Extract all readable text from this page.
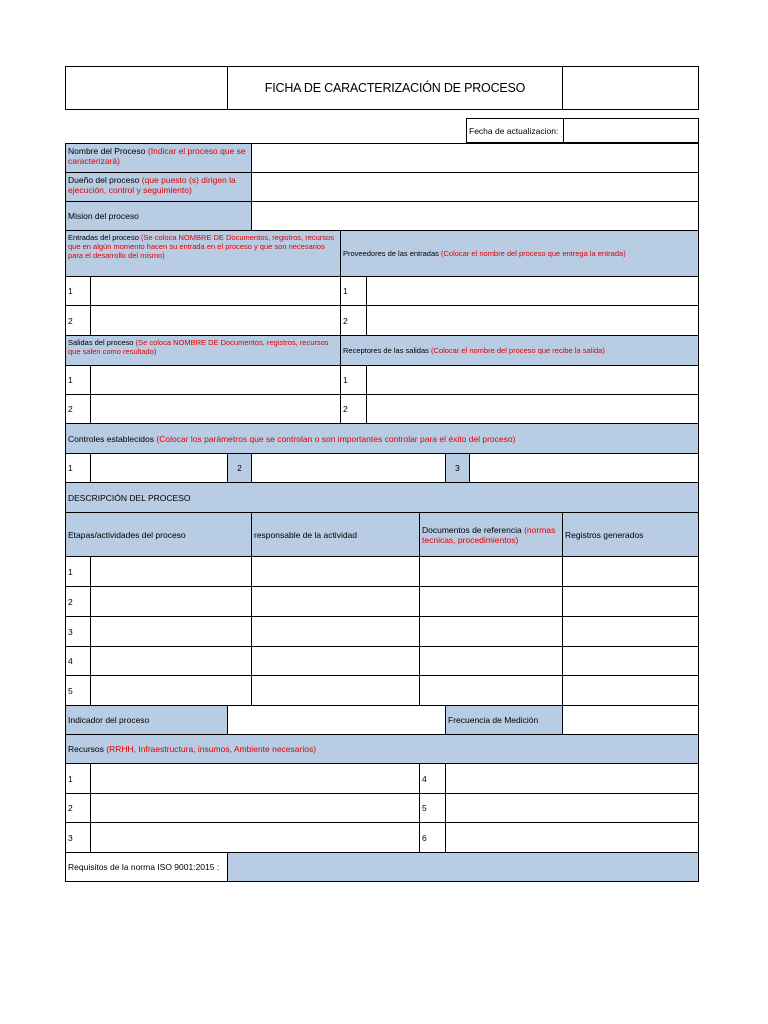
FICHA DE CARACTERIZACIÓN DE PROCESO
Fecha de actualizacion:
Nombre del Proceso (Indicar el proceso que se caracterizará)
Dueño del proceso (que puesto (s) dirigen la ejecución, control y seguimiento)
Mision del proceso
Entradas del proceso (Se coloca NOMBRE DE Documentos, registros, recursos que en algún momento hacen su entrada en el proceso y que son necesarios para el desarrollo del mismo)	Proveedores de las entradas (Colocar el nombre del proceso que entrega la entrada)
1	1
2	2
Salidas del proceso (Se coloca NOMBRE DE Documentos, registros, recursos que salen como resultado)	Receptores de las salidas (Colocar el nombre del proceso que recibe la salida)
1	1
2	2
Controles establecidos (Colocar los parámetros que se controlan o son importantes controlar para el éxito del proceso)
1	2	3
DESCRIPCIÓN DEL PROCESO
Etapas/actividades del proceso	responsable de la actividad	Documentos de referencia (normas tecnicas, procedimientos)	Registros generados
1
2
3
4
5
Indicador del proceso	Frecuencia de Medición
Recursos (RRHH, Infraestructura, insumos, Ambiente necesarios)
1	4
2	5
3	6
Requisitos de la norma ISO 9001:2015 :
